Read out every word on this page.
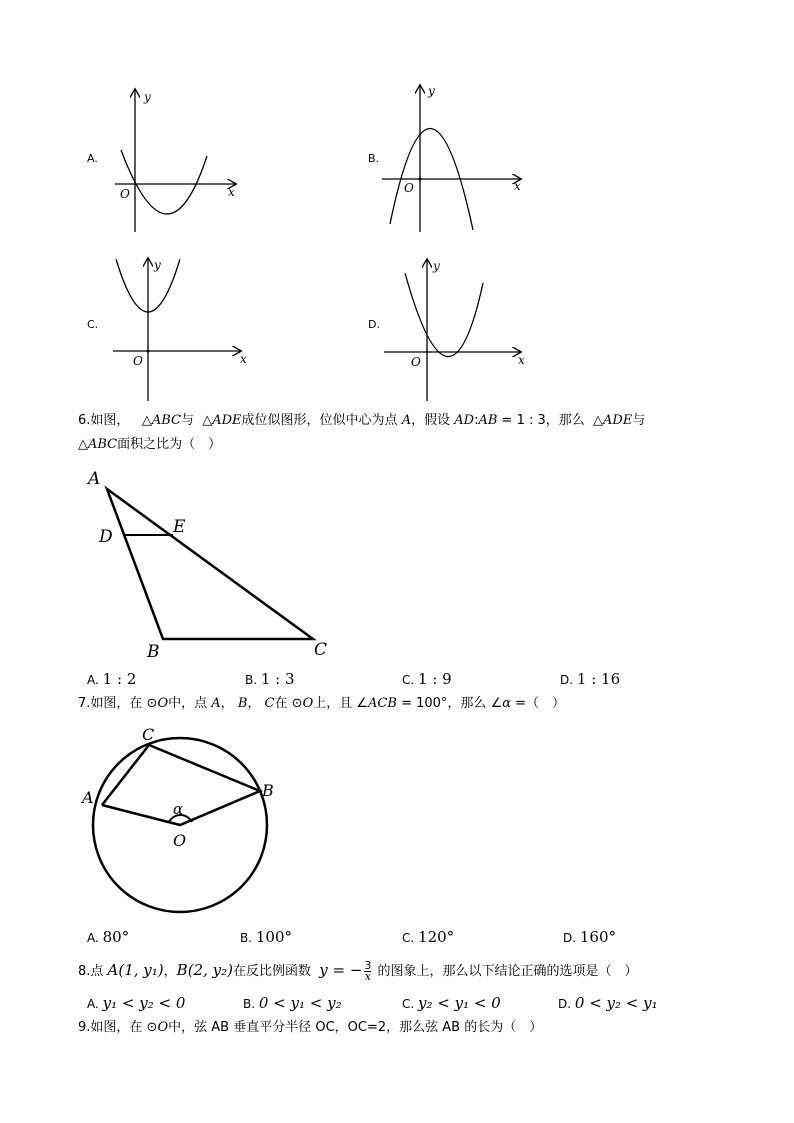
A.
y
x
O
B.
y
x
O
C.
y
x
O
D.
y
x
O
6.如图， △ABC与 △ADE成位似图形，位似中心为点 A，假设 AD:AB = 1 : 3，那么 △ADE与
△ABC面积之比为（　）
A
B	C
D	E
A. 1 : 2	B. 1 : 3	C. 1 : 9	D. 1 : 16
7.如图，在 ⊙O中，点 A， B， C在 ⊙O上，且 ∠ACB = 100°，那么 ∠α =（　）
A
C
B
O
α
A. 80°	B. 100°	C. 120°	D. 160°
8.点 A(1, y₁)，B(2, y₂)在反比例函数 y = − $\frac{3}{x}$ 的图象上，那么以下结论正确的选项是（　）
A. y₁ < y₂ < 0	B. 0 < y₁ < y₂	C. y₂ < y₁ < 0	D. 0 < y₂ < y₁
9.如图，在 ⊙O中，弦 AB 垂直平分半径 OC，OC=2，那么弦 AB 的长为（　）
